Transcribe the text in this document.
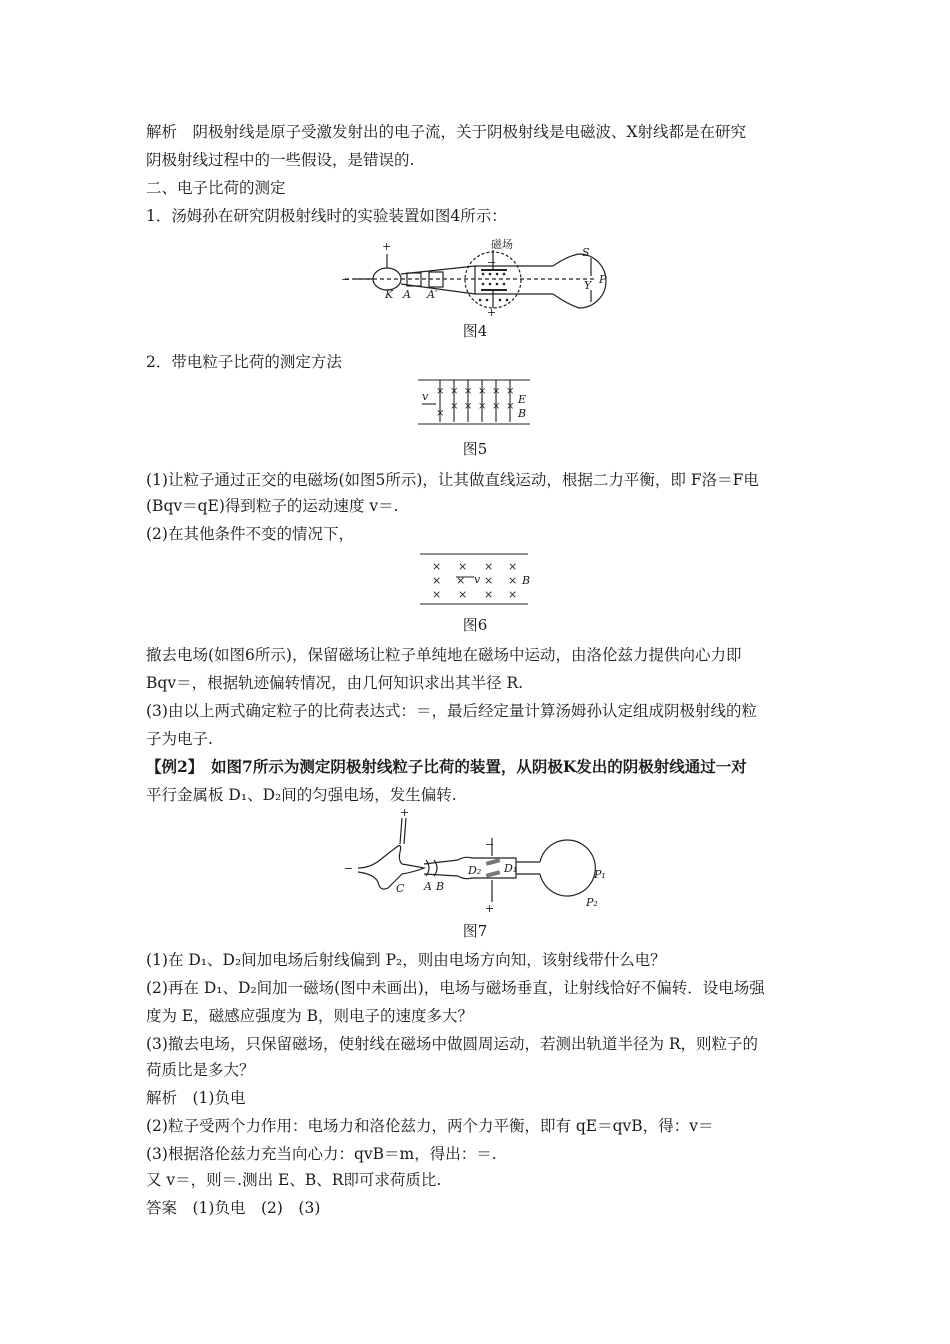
解析　阴极射线是原子受激发射出的电子流，关于阴极射线是电磁波、X射线都是在研究
阴极射线过程中的一些假设，是错误的.
二、电子比荷的测定
1．汤姆孙在研究阴极射线时的实验装置如图4所示：
+
−
K A A′
磁场
S
P
Y
−
+
图4
2．带电粒子比荷的测定方法
× × × × × ×
× × × × ×
×
v	E
B
图5
(1)让粒子通过正交的电磁场(如图5所示)，让其做直线运动，根据二力平衡，即 F洛＝F电
(Bqv＝qE)得到粒子的运动速度 v＝.
(2)在其他条件不变的情况下，
× × × ×
× × × ×
× × × ×
v	B
图6
撤去电场(如图6所示)，保留磁场让粒子单纯地在磁场中运动，由洛伦兹力提供向心力即
Bqv＝，根据轨迹偏转情况，由几何知识求出其半径 R.
(3)由以上两式确定粒子的比荷表达式：＝，最后经定量计算汤姆孙认定组成阴极射线的粒
子为电子.
【例2】　如图7所示为测定阴极射线粒子比荷的装置，从阴极K发出的阴极射线通过一对
平行金属板 D₁、D₂间的匀强电场，发生偏转.
+
−
C A B
D₂ D₁
−
+
P₁
P₂
图7
(1)在 D₁、D₂间加电场后射线偏到 P₂，则由电场方向知，该射线带什么电？
(2)再在 D₁、D₂间加一磁场(图中未画出)，电场与磁场垂直，让射线恰好不偏转．设电场强
度为 E，磁感应强度为 B，则电子的速度多大？
(3)撤去电场，只保留磁场，使射线在磁场中做圆周运动，若测出轨道半径为 R，则粒子的
荷质比是多大？
解析　(1)负电
(2)粒子受两个力作用：电场力和洛伦兹力，两个力平衡，即有 qE＝qvB，得：v＝
(3)根据洛伦兹力充当向心力：qvB＝m，得出：＝.
又 v＝，则＝.测出 E、B、R即可求荷质比.
答案　(1)负电　(2)　(3)
